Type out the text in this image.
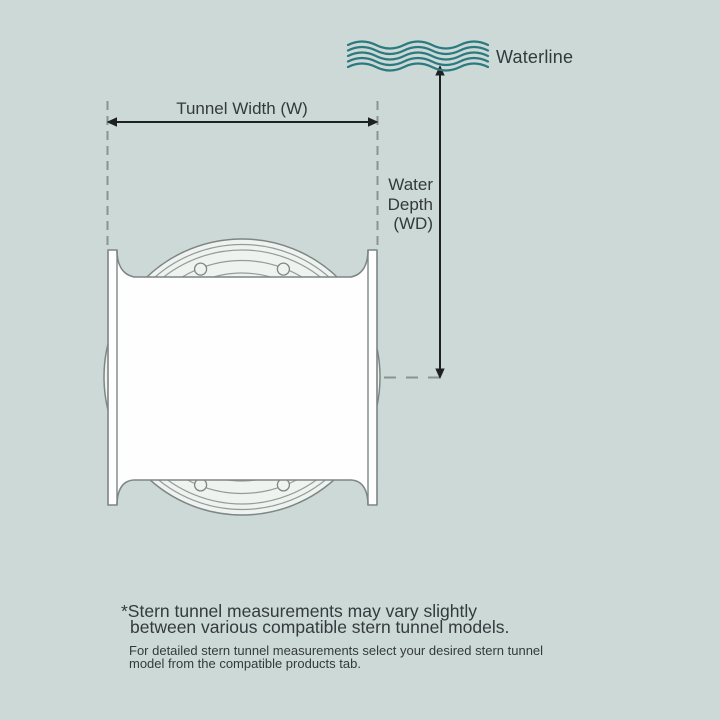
Waterline
Tunnel Width (W)
Water
Depth
(WD)
*Stern tunnel measurements may vary slightly
between various compatible stern tunnel models.
For detailed stern tunnel measurements select your desired stern tunnel
model from the compatible products tab.
